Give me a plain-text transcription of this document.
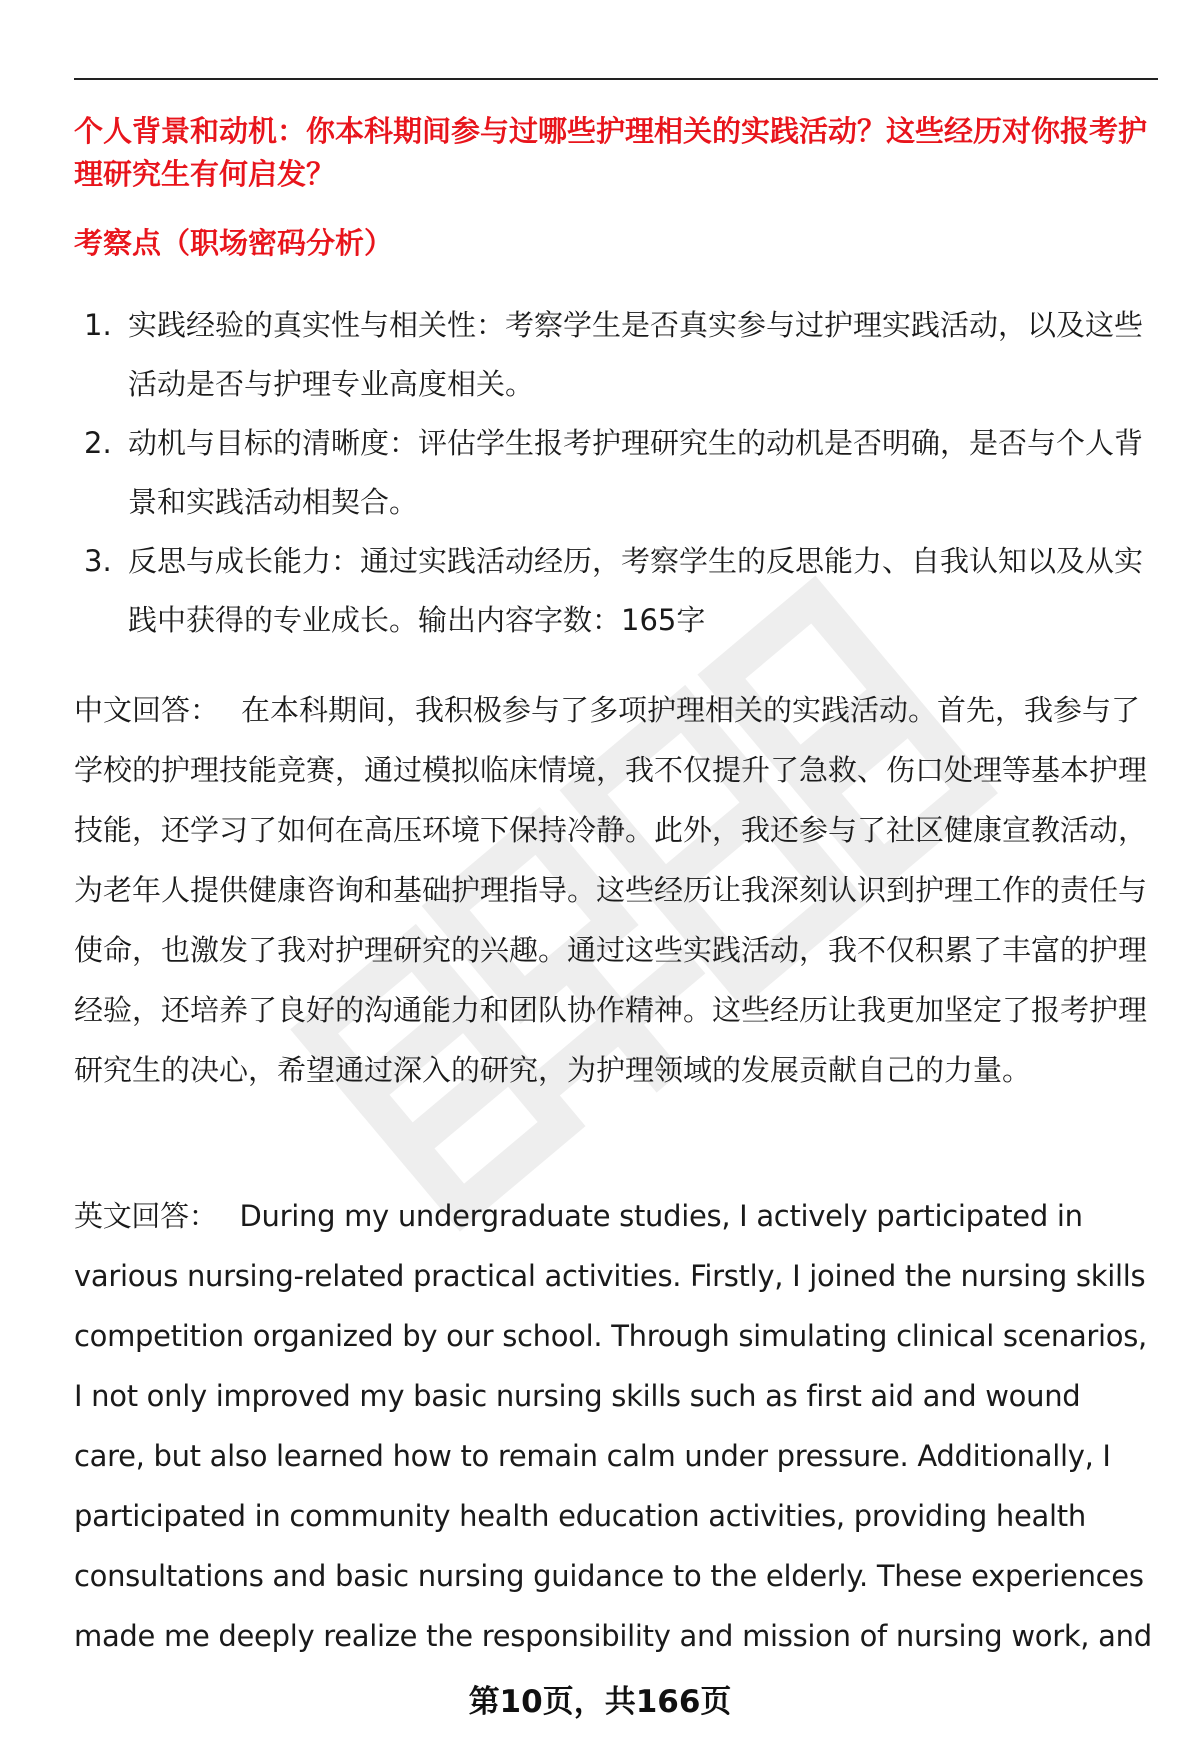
个人背景和动机：你本科期间参与过哪些护理相关的实践活动？这些经历对你报考护理研究生有何启发？
考察点（职场密码分析）
1. 实践经验的真实性与相关性：考察学生是否真实参与过护理实践活动，以及这些活动是否与护理专业高度相关。
2. 动机与目标的清晰度：评估学生报考护理研究生的动机是否明确，是否与个人背景和实践活动相契合。
3. 反思与成长能力：通过实践活动经历，考察学生的反思能力、自我认知以及从实践中获得的专业成长。输出内容字数：165字

中文回答： 在本科期间，我积极参与了多项护理相关的实践活动。首先，我参与了学校的护理技能竞赛，通过模拟临床情境，我不仅提升了急救、伤口处理等基本护理技能，还学习了如何在高压环境下保持冷静。此外，我还参与了社区健康宣教活动，为老年人提供健康咨询和基础护理指导。这些经历让我深刻认识到护理工作的责任与使命，也激发了我对护理研究的兴趣。通过这些实践活动，我不仅积累了丰富的护理经验，还培养了良好的沟通能力和团队协作精神。这些经历让我更加坚定了报考护理研究生的决心，希望通过深入的研究，为护理领域的发展贡献自己的力量。

英文回答： During my undergraduate studies, I actively participated in various nursing-related practical activities. Firstly, I joined the nursing skills competition organized by our school. Through simulating clinical scenarios, I not only improved my basic nursing skills such as first aid and wound care, but also learned how to remain calm under pressure. Additionally, I participated in community health education activities, providing health consultations and basic nursing guidance to the elderly. These experiences made me deeply realize the responsibility and mission of nursing work, and

第10页，共166页
